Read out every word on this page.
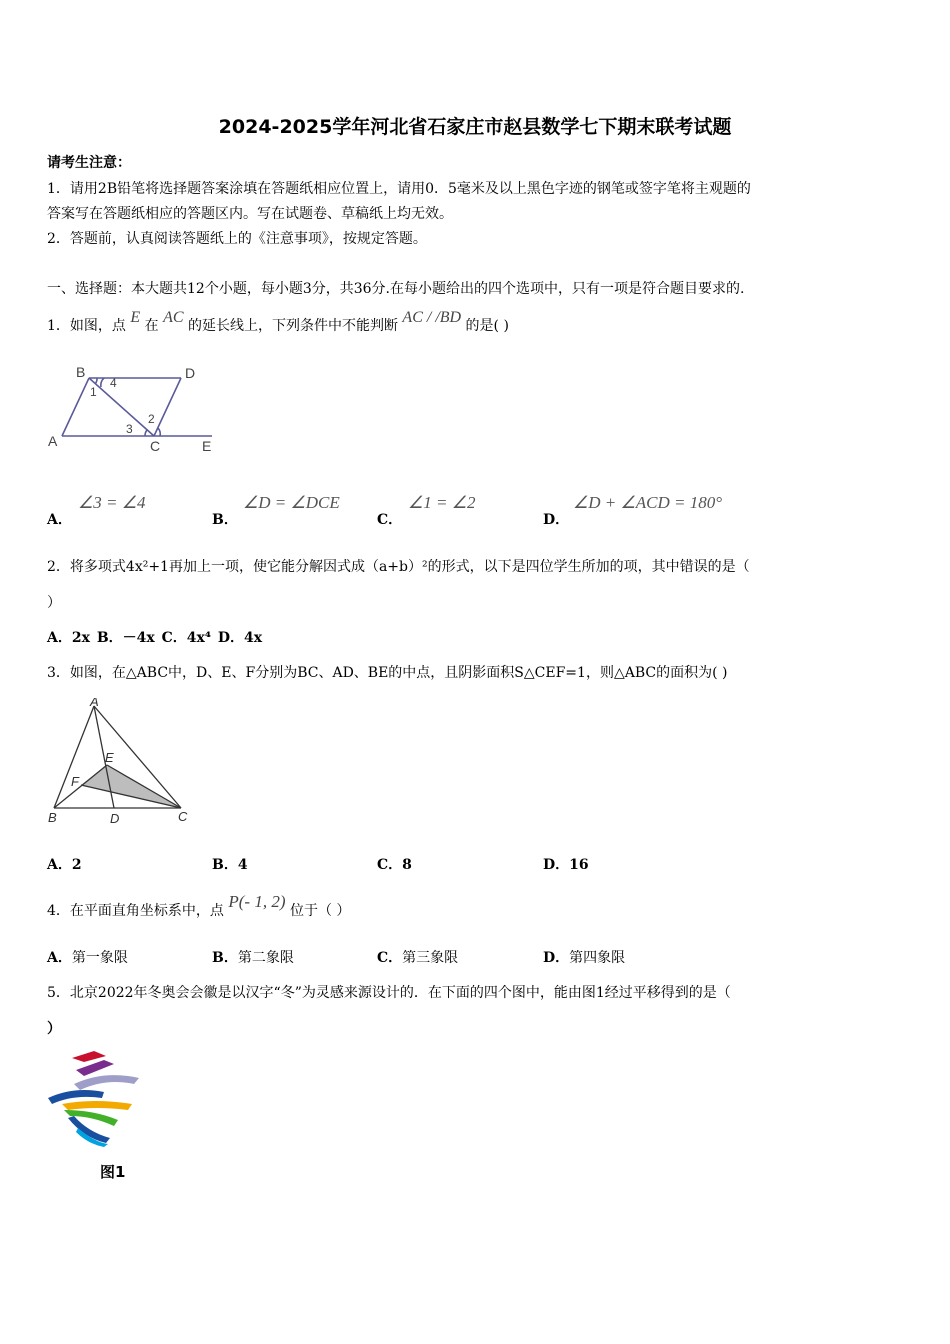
2024-2025学年河北省石家庄市赵县数学七下期末联考试题
请考生注意：
1．请用2B铅笔将选择题答案涂填在答题纸相应位置上，请用0．5毫米及以上黑色字迹的钢笔或签字笔将主观题的
答案写在答题纸相应的答题区内。写在试题卷、草稿纸上均无效。
2．答题前，认真阅读答题纸上的《注意事项》，按规定答题。
一、选择题：本大题共12个小题，每小题3分，共36分.在每小题给出的四个选项中，只有一项是符合题目要求的.
1．如图，点 E 在 AC 的延长线上，下列条件中不能判断 AC / /BD 的是( )
B	D
A	C	E
1
2
3
4
A．
∠3 = ∠4
B．
∠D = ∠DCE
C．
∠1 = ∠2
D．
∠D + ∠ACD = 180°
2．将多项式4x²+1再加上一项，使它能分解因式成（a+b）²的形式，以下是四位学生所加的项，其中错误的是（
）
A．2x B．－4x C．4x⁴ D．4x
3．如图，在△ABC中，D、E、F分别为BC、AD、BE的中点，且阴影面积S△CEF=1，则△ABC的面积为( )
A
E
F
B	D	C
A．2	B．4	C．8	D．16
4．在平面直角坐标系中，点 P(- 1, 2) 位于（ ）
A．第一象限	B．第二象限	C．第三象限	D．第四象限
5．北京2022年冬奥会会徽是以汉字“冬”为灵感来源设计的．在下面的四个图中，能由图1经过平移得到的是（
）
图1
